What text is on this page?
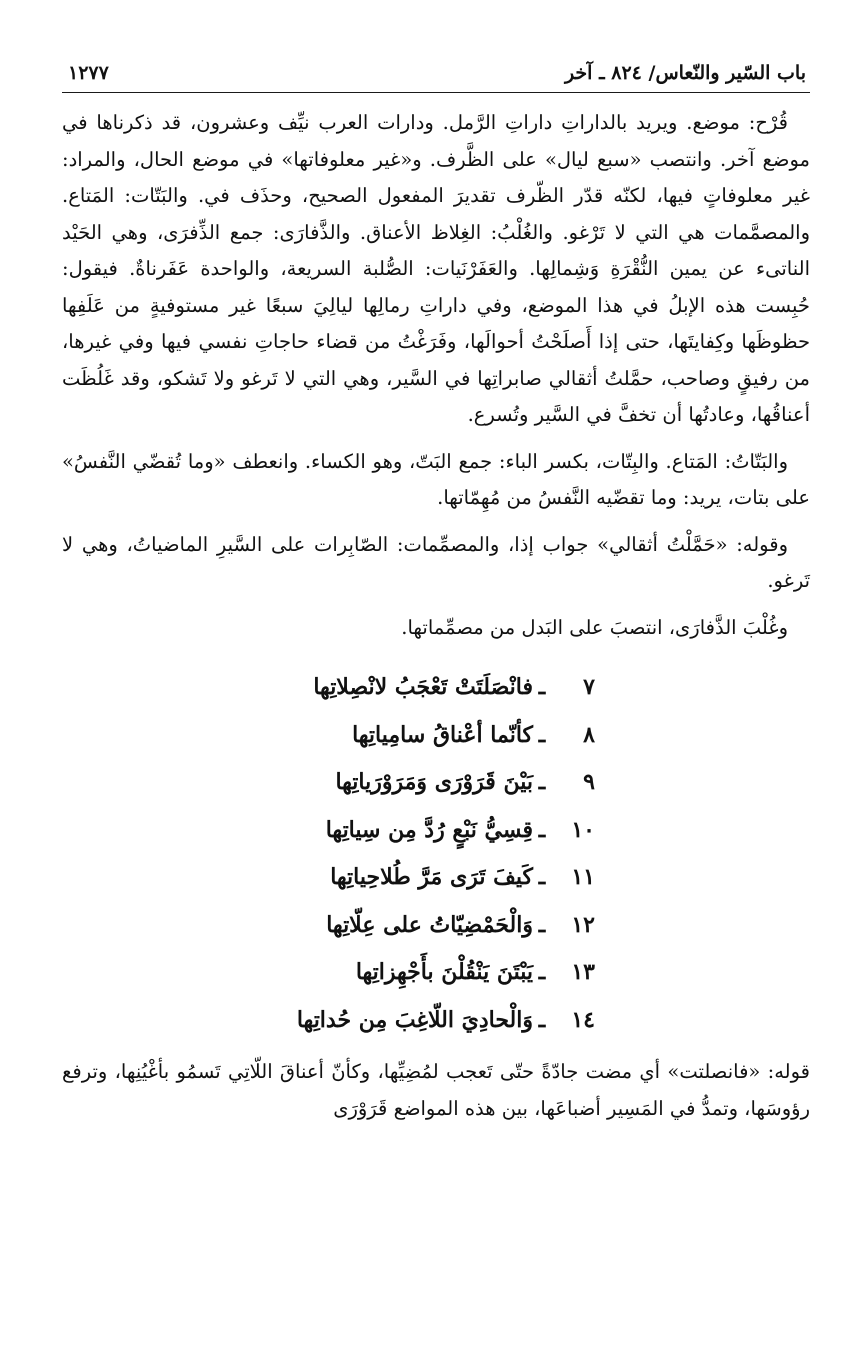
باب السّير والنّعاس/ ٨٢٤ ـ آخر
١٢٧٧

قُرْح: موضع. ويريد بالداراتِ داراتِ الرَّمل. ودارات العرب نيِّف وعشرون، قد ذكرناها في موضع آخر. وانتصب «سبع ليال» على الظَّرف. و«غير معلوفاتها» في موضع الحال، والمراد: غير معلوفاتٍ فيها، لكنّه قدّر الظّرف تقديرَ المفعول الصحيح، وحذَف في. والبَتّات: المَتاع. والمصمَّمات هي التي لا تَرْغو. والغُلْبُ: الغِلاظ الأعناق. والذَّفارَى: جمع الذِّفرَى، وهي الحَيْد الناتىء عن يمين النُّقْرَةِ وَشِمالِها. والعَفَرْنَيات: الصُّلبة السريعة، والواحدة عَفَرناةٌ. فيقول: حُبِست هذه الإبلُ في هذا الموضع، وفي داراتِ رمالِها ليالِيَ سبعًا غير مستوفيةٍ من عَلَفِها حظوظَها وكِفايتَها، حتى إذا أَصلَحْتُ أحوالَها، وفَرَغْتُ من قضاء حاجاتِ نفسي فيها وفي غيرها، من رفيقٍ وصاحب، حمَّلتُ أثقالي صابراتِها في السَّير، وهي التي لا تَرغو ولا تَشكو، وقد غَلُظَت أعناقُها، وعادتُها أن تخفَّ في السَّير وتُسرع.

والبَتّاتُ: المَتاع. والبِتّات، بكسر الباء: جمع البَتّ، وهو الكساء. وانعطف «وما تُقضّي النَّفسُ» على بتات، يريد: وما تقضّيه النَّفسُ من مُهِمّاتها.

وقوله: «حَمَّلْتُ أثقالي» جواب إذا، والمصمِّمات: الصّابِرات على السَّيرِ الماضياتُ، وهي لا تَرغو.

وغُلْبَ الذَّفارَى، انتصبَ على البَدل من مصمِّماتها.

٧
ـ
فانْصَلَتَتْ تَعْجَبُ لانْصِلاتِها
٨
ـ
كأنّما أعْناقُ سامِياتِها
٩
ـ
بَيْنَ قَرَوْرَى وَمَرَوْرَياتِها
١٠
ـ
قِسِيُّ نَبْعٍ رُدَّ مِن سِياتِها
١١
ـ
كَيفَ تَرَى مَرَّ طُلاحِياتِها
١٢
ـ
وَالْحَمْضِيّاتُ على عِلّاتِها
١٣
ـ
يَبْتَنَ يَنْقُلْنَ بأَجْهِزاتِها
١٤
ـ
وَالْحادِيَ اللّاغِبَ مِن حُداتِها

قوله: «فانصلتت» أي مضت جادّةً حتّى تَعجب لمُضِيِّها، وكأنّ أعناقَ اللّاتِي تَسمُو بأغْيُنِها، وترفع رؤوسَها، وتمدُّ في المَسِير أضباعَها، بين هذه المواضع قَرَوْرَى
